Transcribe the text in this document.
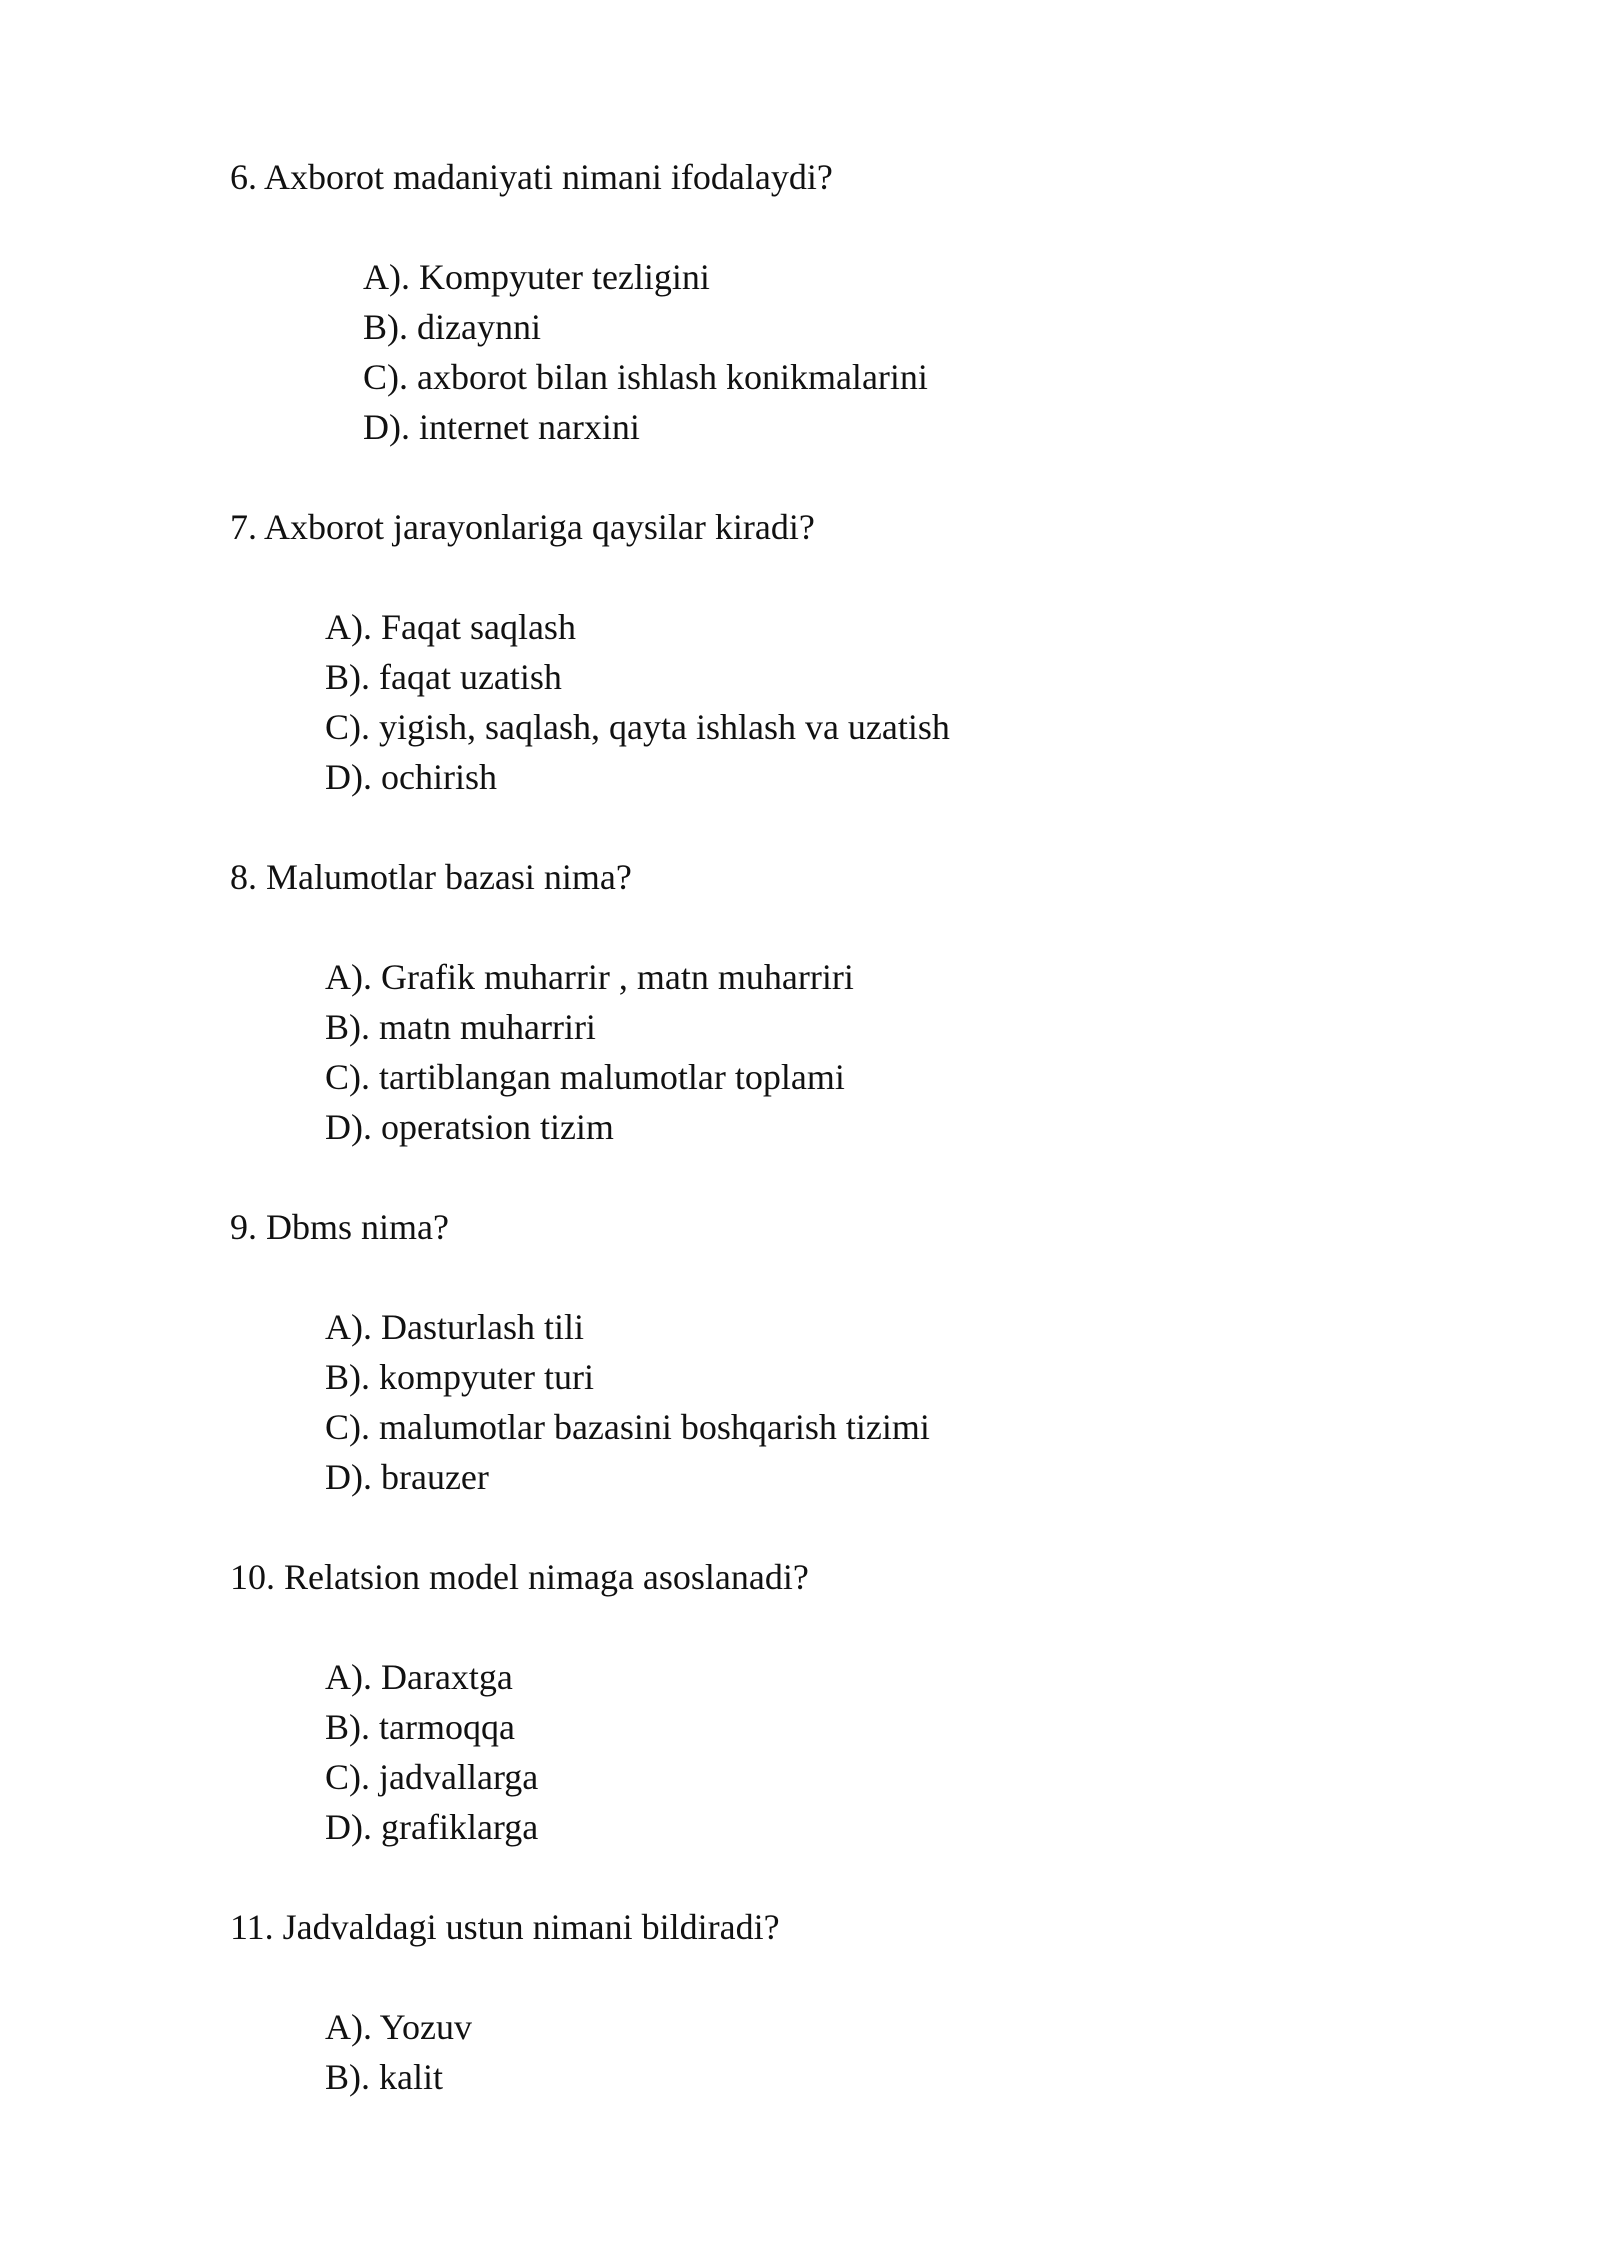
6. Axborot madaniyati nimani ifodalaydi?
A). Kompyuter tezligini
B). dizaynni
C). axborot bilan ishlash konikmalarini
D). internet narxini
7. Axborot jarayonlariga qaysilar kiradi?
A). Faqat saqlash
B). faqat uzatish
C). yigish, saqlash, qayta ishlash va uzatish
D). ochirish
8. Malumotlar bazasi nima?
A). Grafik muharrir , matn muharriri
B). matn muharriri
C). tartiblangan malumotlar toplami
D). operatsion tizim
9. Dbms nima?
A). Dasturlash tili
B). kompyuter turi
C). malumotlar bazasini boshqarish tizimi
D). brauzer
10. Relatsion model nimaga asoslanadi?
A). Daraxtga
B). tarmoqqa
C). jadvallarga
D). grafiklarga
11. Jadvaldagi ustun nimani bildiradi?
A). Yozuv
B). kalit
